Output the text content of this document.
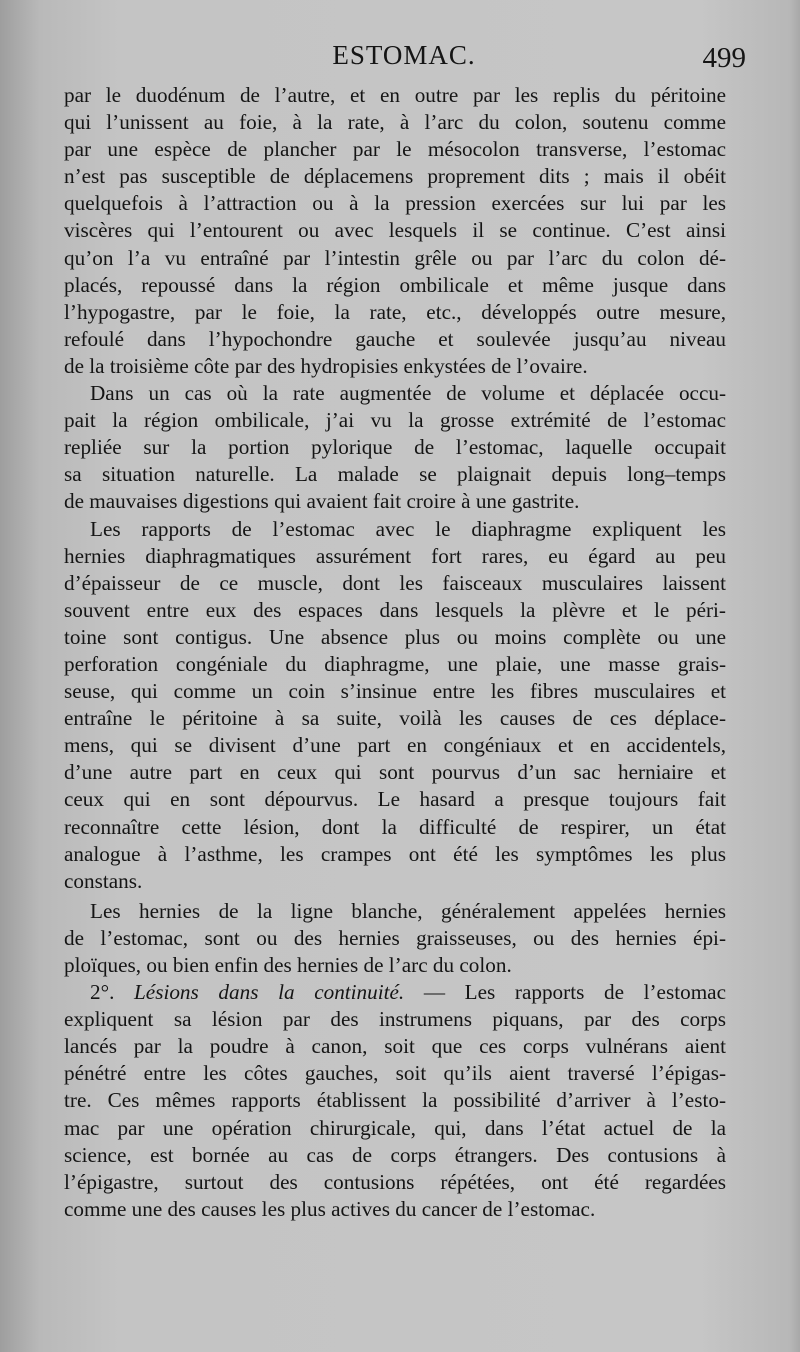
ESTOMAC.	499
par le duodénum de l’autre, et en outre par les replis du péritoine
qui l’unissent au foie, à la rate, à l’arc du colon, soutenu comme
par une espèce de plancher par le mésocolon transverse, l’estomac
n’est pas susceptible de déplacemens proprement dits ; mais il obéit
quelquefois à l’attraction ou à la pression exercées sur lui par les
viscères qui l’entourent ou avec lesquels il se continue. C’est ainsi
qu’on l’a vu entraîné par l’intestin grêle ou par l’arc du colon dé-
placés, repoussé dans la région ombilicale et même jusque dans
l’hypogastre, par le foie, la rate, etc., développés outre mesure,
refoulé dans l’hypochondre gauche et soulevée jusqu’au niveau
de la troisième côte par des hydropisies enkystées de l’ovaire.
Dans un cas où la rate augmentée de volume et déplacée occu-
pait la région ombilicale, j’ai vu la grosse extrémité de l’estomac
repliée sur la portion pylorique de l’estomac, laquelle occupait
sa situation naturelle. La malade se plaignait depuis long–temps
de mauvaises digestions qui avaient fait croire à une gastrite.
Les rapports de l’estomac avec le diaphragme expliquent les
hernies diaphragmatiques assurément fort rares, eu égard au peu
d’épaisseur de ce muscle, dont les faisceaux musculaires laissent
souvent entre eux des espaces dans lesquels la plèvre et le péri-
toine sont contigus. Une absence plus ou moins complète ou une
perforation congéniale du diaphragme, une plaie, une masse grais-
seuse, qui comme un coin s’insinue entre les fibres musculaires et
entraîne le péritoine à sa suite, voilà les causes de ces déplace-
mens, qui se divisent d’une part en congéniaux et en accidentels,
d’une autre part en ceux qui sont pourvus d’un sac herniaire et
ceux qui en sont dépourvus. Le hasard a presque toujours fait
reconnaître cette lésion, dont la difficulté de respirer, un état
analogue à l’asthme, les crampes ont été les symptômes les plus
constans.
Les hernies de la ligne blanche, généralement appelées hernies
de l’estomac, sont ou des hernies graisseuses, ou des hernies épi-
ploïques, ou bien enfin des hernies de l’arc du colon.
2°. Lésions dans la continuité. — Les rapports de l’estomac
expliquent sa lésion par des instrumens piquans, par des corps
lancés par la poudre à canon, soit que ces corps vulnérans aient
pénétré entre les côtes gauches, soit qu’ils aient traversé l’épigas-
tre. Ces mêmes rapports établissent la possibilité d’arriver à l’esto-
mac par une opération chirurgicale, qui, dans l’état actuel de la
science, est bornée au cas de corps étrangers. Des contusions à
l’épigastre, surtout des contusions répétées, ont été regardées
comme une des causes les plus actives du cancer de l’estomac.
